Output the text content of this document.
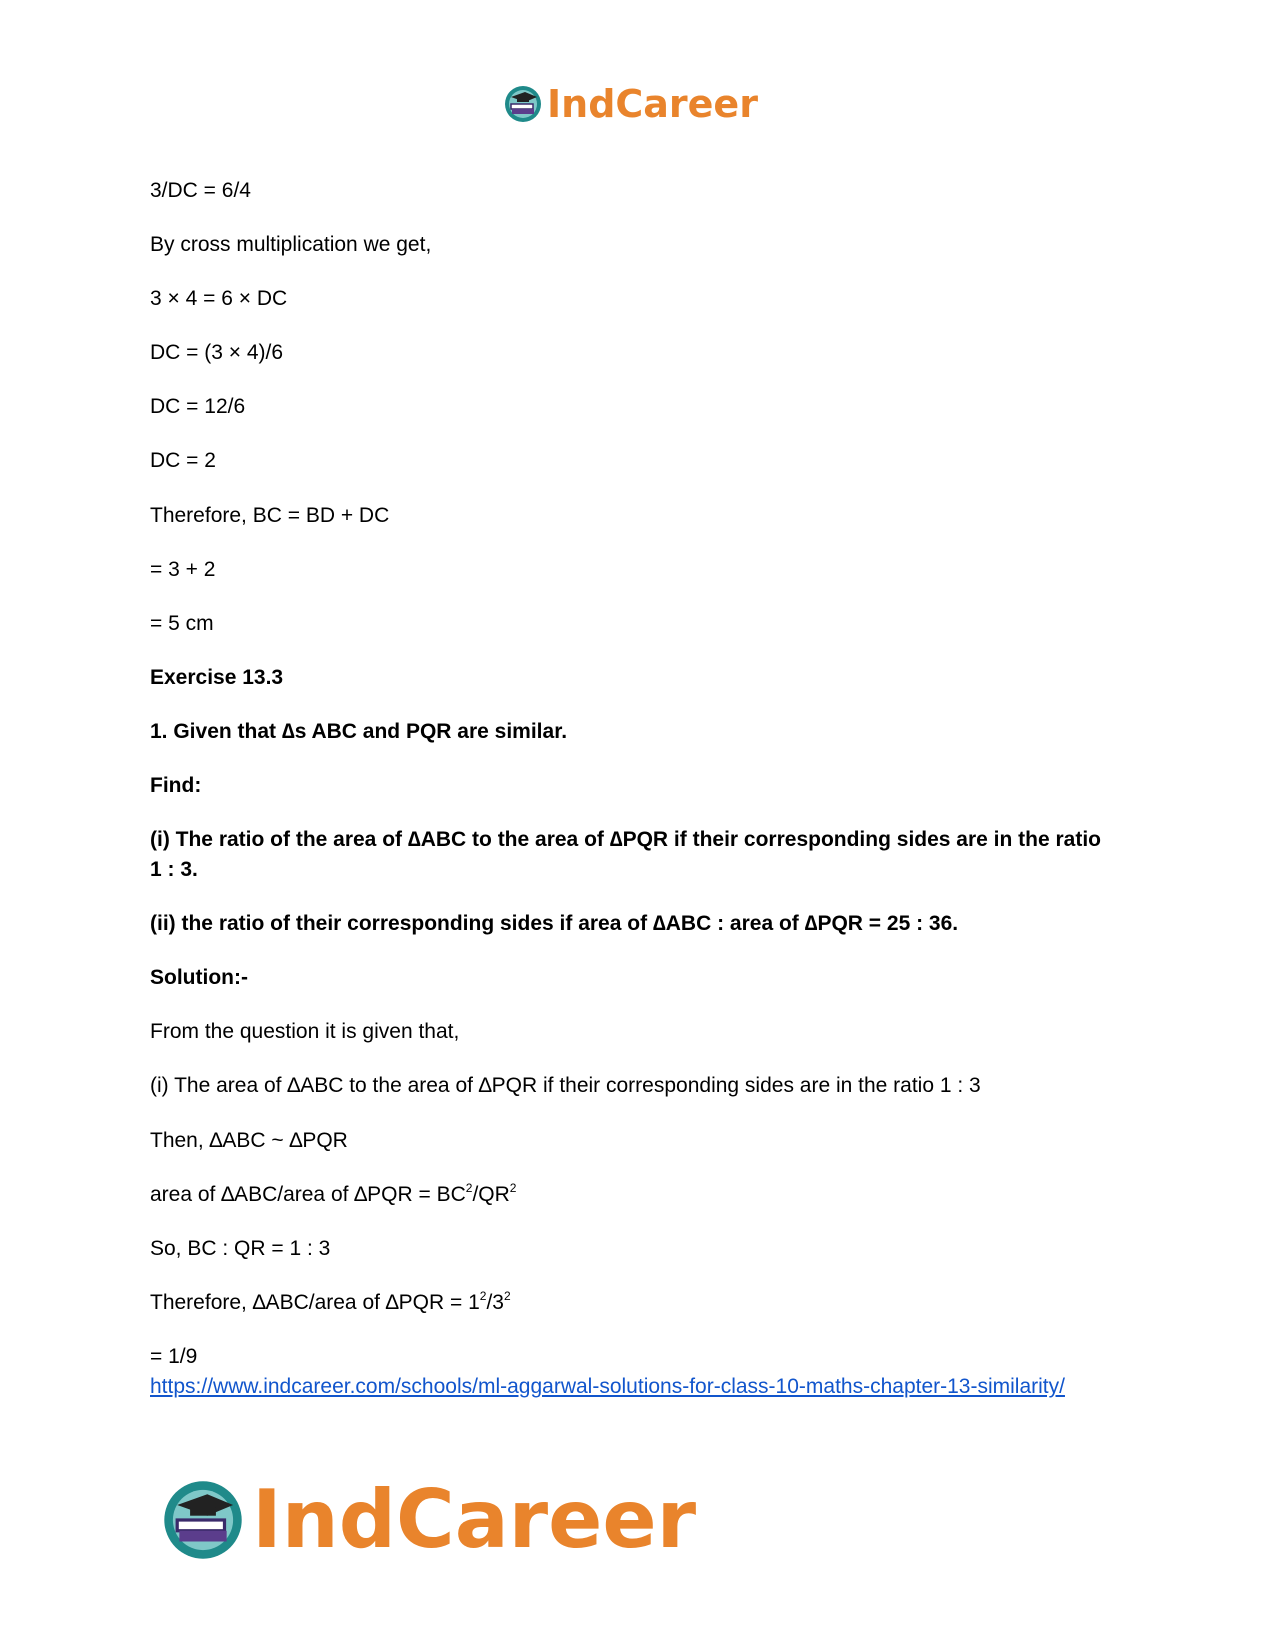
IndCareer
3/DC = 6/4
By cross multiplication we get,
3 × 4 = 6 × DC
DC = (3 × 4)/6
DC = 12/6
DC = 2
Therefore, BC = BD + DC
= 3 + 2
= 5 cm
Exercise 13.3
1. Given that ∆s ABC and PQR are similar.
Find:
(i) The ratio of the area of ∆ABC to the area of ∆PQR if their corresponding sides are in the ratio 1 : 3.
(ii) the ratio of their corresponding sides if area of ∆ABC : area of ∆PQR = 25 : 36.
Solution:-
From the question it is given that,
(i) The area of ∆ABC to the area of ∆PQR if their corresponding sides are in the ratio 1 : 3
Then, ∆ABC ~ ∆PQR
area of ∆ABC/area of $\Delta PQR = BC^2/QR^2$
So, BC : QR = 1 : 3
Therefore, ∆ABC/area of $\Delta PQR = 1^2/3^2$
= 1/9
https://www.indcareer.com/schools/ml-aggarwal-solutions-for-class-10-maths-chapter-13-similarity/
IndCareer
